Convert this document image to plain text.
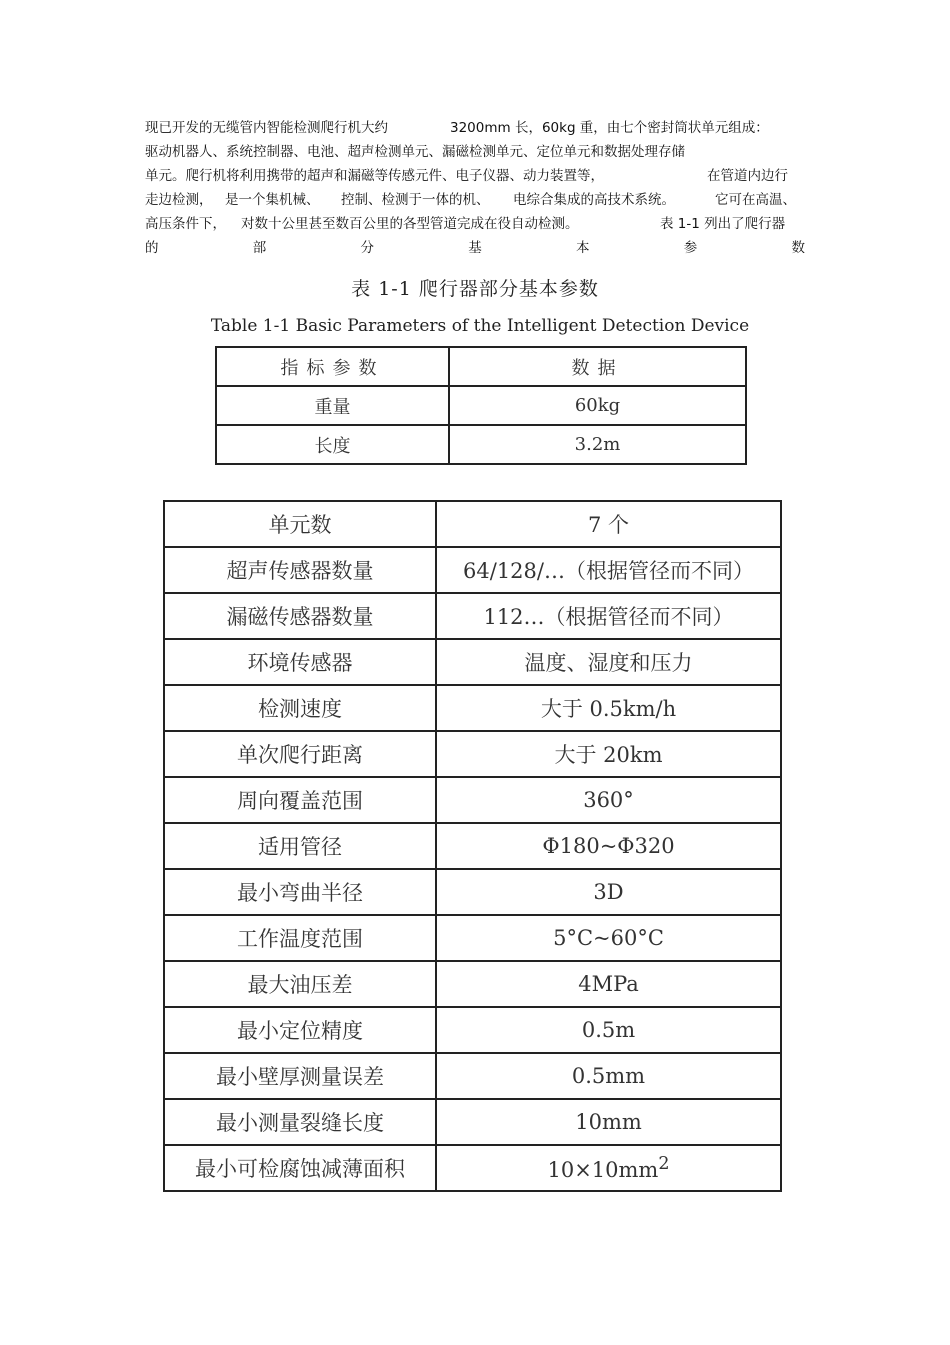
现已开发的无缆管内智能检测爬行机大约	3200mm 长，60kg 重，由七个密封筒状单元组成：
驱动机器人、系统控制器、电池、超声检测单元、漏磁检测单元、定位单元和数据处理存储
单元。爬行机将利用携带的超声和漏磁等传感元件、电子仪器、动力装置等，	在管道内边行
走边检测， 是一个集机械、 控制、检测于一体的机、 电综合集成的高技术系统。	它可在高温、
高压条件下， 对数十公里甚至数百公里的各型管道完成在役自动检测。	表 1-1 列出了爬行器
的	部	分	基	本	参	数
表 1-1 爬行器部分基本参数
Table 1-1 Basic Parameters of the Intelligent Detection Device
指标参数	数据
重量	60kg
长度	3.2m
单元数	7 个
超声传感器数量	64/128/…（根据管径而不同）
漏磁传感器数量	112…（根据管径而不同）
环境传感器	温度、湿度和压力
检测速度	大于 0.5km/h
单次爬行距离	大于 20km
周向覆盖范围	360°
适用管径	Φ180~Φ320
最小弯曲半径	3D
工作温度范围	5°C~60°C
最大油压差	4MPa
最小定位精度	0.5m
最小壁厚测量误差	0.5mm
最小测量裂缝长度	10mm
最小可检腐蚀减薄面积	$10\times 10mm^2$
